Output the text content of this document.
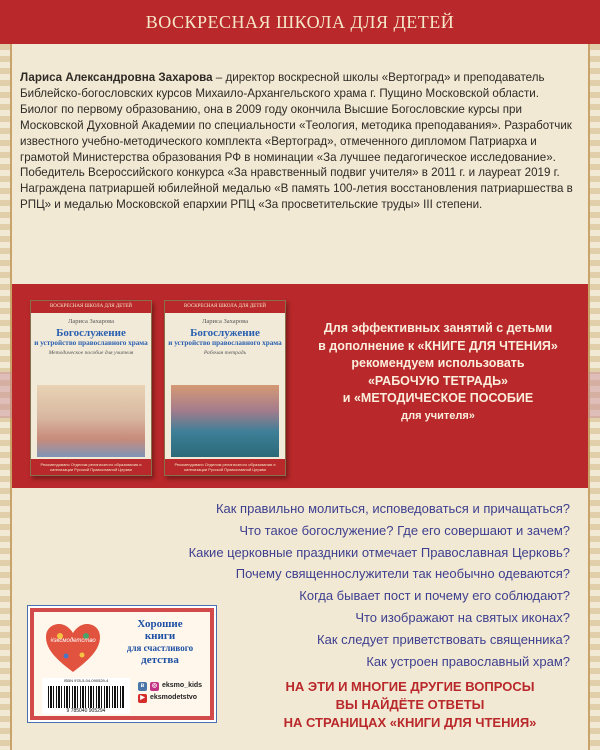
ВОСКРЕСНАЯ ШКОЛА ДЛЯ ДЕТЕЙ

Лариса Александровна Захарова – директор воскресной школы «Вертоград» и преподаватель Библейско-богословских курсов Михаило-Архангельского храма г. Пущино Московской области. Биолог по первому образованию, она в 2009 году окончила Высшие Богословские курсы при Московской Духовной Академии по специальности «Теология, методика преподавания». Разработчик известного учебно-методического комплекта «Вертоград», отмеченного дипломом Патриарха и грамотой Министерства образования РФ в номинации «За лучшее педагогическое исследование». Победитель Всероссийского конкурса «За нравственный подвиг учителя» в 2011 г. и лауреат 2019 г. Награждена патриаршей юбилейной медалью «В память 100-летия восстановления патриаршества в РПЦ» и медалью Московской епархии РПЦ «За просветительские труды» III степени.

ВОСКРЕСНАЯ ШКОЛА ДЛЯ ДЕТЕЙ
Лариса Захарова
Богослужение
и устройство православного храма
Методическое пособие для учителя
Рекомендовано Отделом религиозного образования и катехизации Русской Православной Церкви
ВОСКРЕСНАЯ ШКОЛА ДЛЯ ДЕТЕЙ
Лариса Захарова
Богослужение
и устройство православного храма
Рабочая тетрадь
Рекомендовано Отделом религиозного образования и катехизации Русской Православной Церкви
Для эффективных занятий с детьми
в дополнение к «КНИГЕ ДЛЯ ЧТЕНИЯ»
рекомендуем использовать
«РАБОЧУЮ ТЕТРАДЬ»
и «МЕТОДИЧЕСКОЕ ПОСОБИЕ
для учителя»
Как правильно молиться, исповедоваться и причащаться?
Что такое богослужение? Где его совершают и зачем?
Какие церковные праздники отмечает Православная Церковь?
Почему священнослужители так необычно одеваются?
Когда бывает пост и почему его соблюдают?
Что изображают на святых иконах?
Как следует приветствовать священника?
Как устроен православный храм?
#эксмодетство
Хорошие
книги
для счастливого
детства
ISBN 978-5-04-090529-4
9 785040 905294
в	◎ eksmo_kids
▶ eksmodetstvo
НА ЭТИ И МНОГИЕ ДРУГИЕ ВОПРОСЫ
ВЫ НАЙДЁТЕ ОТВЕТЫ
НА СТРАНИЦАХ «КНИГИ ДЛЯ ЧТЕНИЯ»
